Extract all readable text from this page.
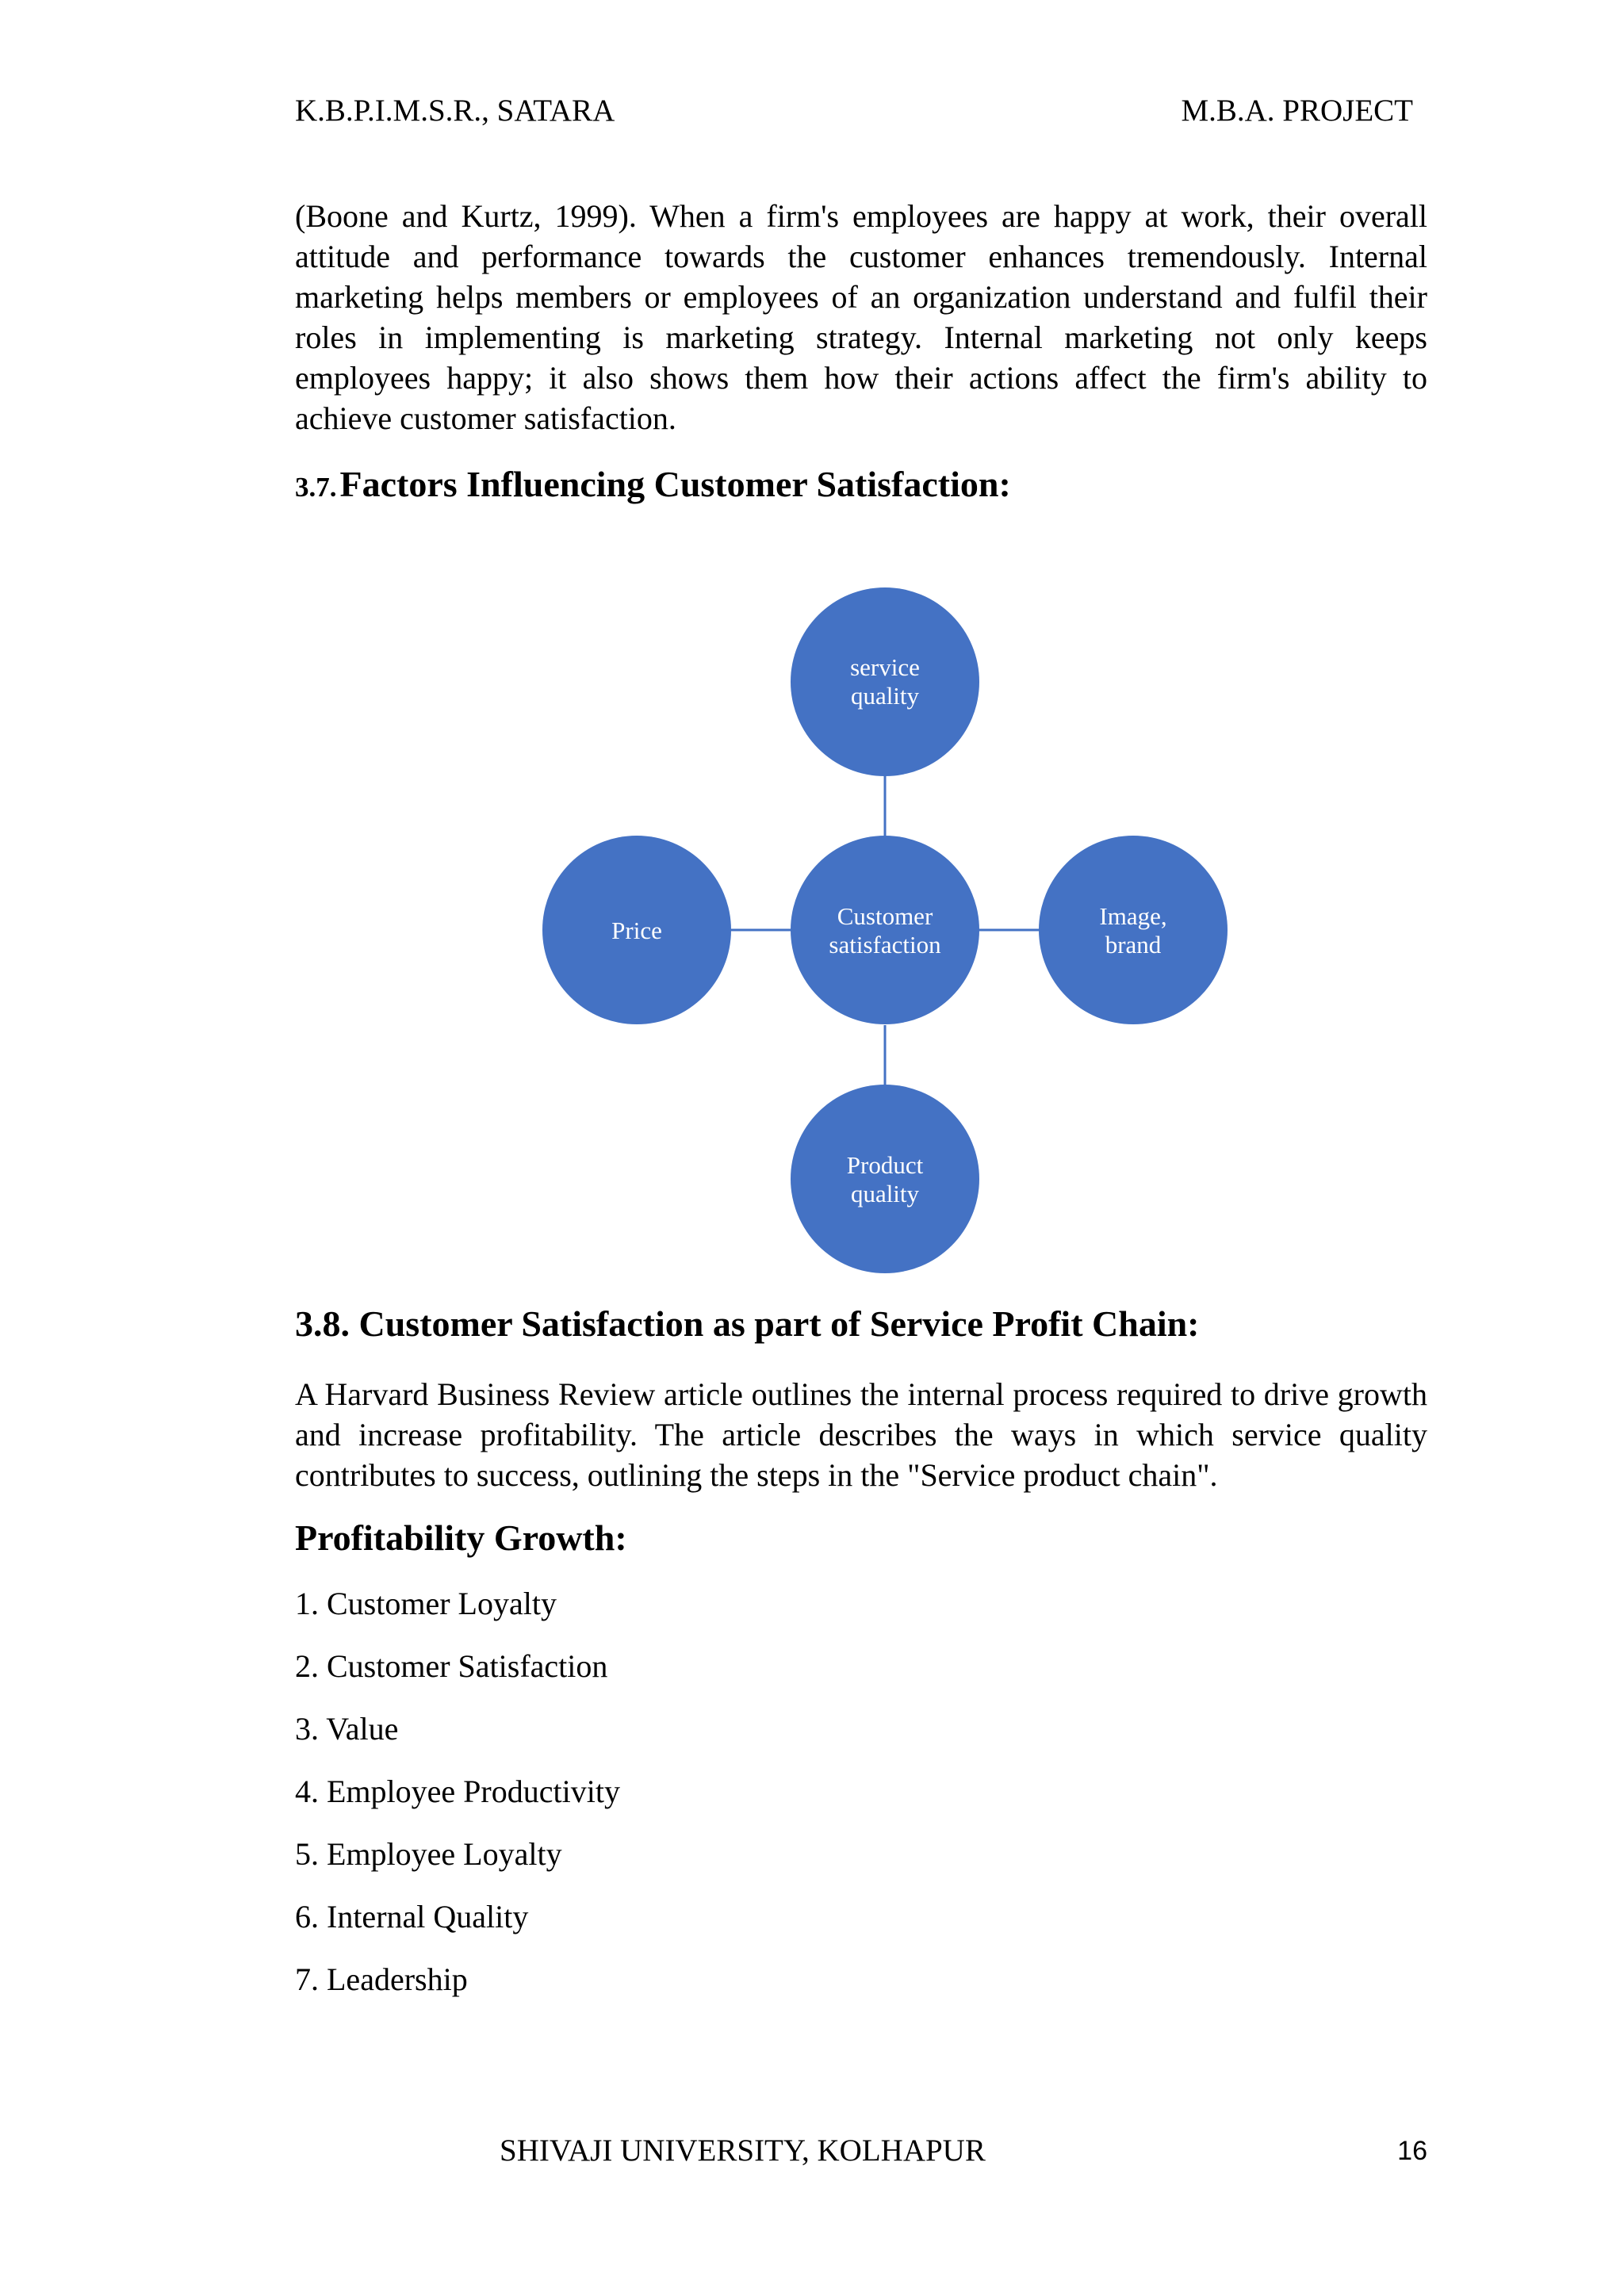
K.B.P.I.M.S.R., SATARA	M.B.A. PROJECT

(Boone and Kurtz, 1999). When a firm's employees are happy at work, their overall attitude and performance towards the customer enhances tremendously. Internal marketing helps members or employees of an organization understand and fulfil their roles in implementing is marketing strategy. Internal marketing not only keeps employees happy; it also shows them how their actions affect the firm's ability to achieve customer satisfaction.

3.7. Factors Influencing Customer Satisfaction:
service
quality
Customer
satisfaction
Price
Image,
brand
Product
quality
3.8. Customer Satisfaction as part of Service Profit Chain:

A Harvard Business Review article outlines the internal process required to drive growth and increase profitability. The article describes the ways in which service quality contributes to success, outlining the steps in the "Service product chain".

Profitability Growth:
1. Customer Loyalty
2. Customer Satisfaction
3. Value
4. Employee Productivity
5. Employee Loyalty
6. Internal Quality
7. Leadership
SHIVAJI UNIVERSITY, KOLHAPUR	16
